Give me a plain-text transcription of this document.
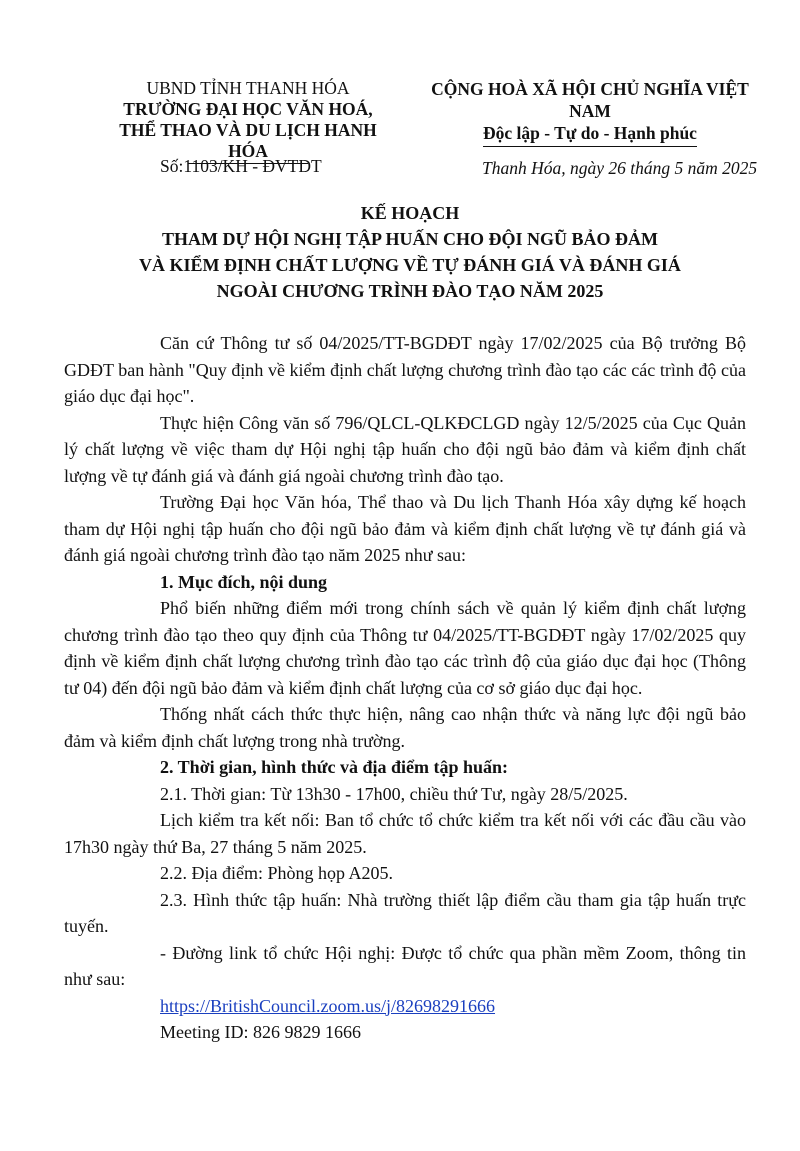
UBND TỈNH THANH HÓA
TRƯỜNG ĐẠI HỌC VĂN HOÁ,
THỂ THAO VÀ DU LỊCH HANH HÓA
CỘNG HOÀ XÃ HỘI CHỦ NGHĨA VIỆT NAM
Độc lập - Tự do - Hạnh phúc
Số:1103/KH - ĐVTDT	Thanh Hóa, ngày 26 tháng 5 năm 2025
KẾ HOẠCH
THAM DỰ HỘI NGHỊ TẬP HUẤN CHO ĐỘI NGŨ BẢO ĐẢM
VÀ KIỂM ĐỊNH CHẤT LƯỢNG VỀ TỰ ĐÁNH GIÁ VÀ ĐÁNH GIÁ
NGOÀI CHƯƠNG TRÌNH ĐÀO TẠO NĂM 2025

Căn cứ Thông tư số 04/2025/TT-BGDĐT ngày 17/02/2025 của Bộ trưởng Bộ GDĐT ban hành "Quy định về kiểm định chất lượng chương trình đào tạo các các trình độ của giáo dục đại học".

Thực hiện Công văn số 796/QLCL-QLKĐCLGD ngày 12/5/2025 của Cục Quản lý chất lượng về việc tham dự Hội nghị tập huấn cho đội ngũ bảo đảm và kiểm định chất lượng về tự đánh giá và đánh giá ngoài chương trình đào tạo.

Trường Đại học Văn hóa, Thể thao và Du lịch Thanh Hóa xây dựng kế hoạch tham dự Hội nghị tập huấn cho đội ngũ bảo đảm và kiểm định chất lượng về tự đánh giá và đánh giá ngoài chương trình đào tạo năm 2025 như sau:

1. Mục đích, nội dung

Phổ biến những điểm mới trong chính sách về quản lý kiểm định chất lượng chương trình đào tạo theo quy định của Thông tư 04/2025/TT-BGDĐT ngày 17/02/2025 quy định về kiểm định chất lượng chương trình đào tạo các trình độ của giáo dục đại học (Thông tư 04) đến đội ngũ bảo đảm và kiểm định chất lượng của cơ sở giáo dục đại học.

Thống nhất cách thức thực hiện, nâng cao nhận thức và năng lực đội ngũ bảo đảm và kiểm định chất lượng trong nhà trường.

2. Thời gian, hình thức và địa điểm tập huấn:

2.1. Thời gian: Từ 13h30 - 17h00, chiều thứ Tư, ngày 28/5/2025.

Lịch kiểm tra kết nối: Ban tổ chức tổ chức kiểm tra kết nối với các đầu cầu vào 17h30 ngày thứ Ba, 27 tháng 5 năm 2025.

2.2. Địa điểm: Phòng họp A205.

2.3. Hình thức tập huấn: Nhà trường thiết lập điểm cầu tham gia tập huấn trực tuyến.

- Đường link tổ chức Hội nghị: Được tổ chức qua phần mềm Zoom, thông tin như sau:

https://BritishCouncil.zoom.us/j/82698291666

Meeting ID: 826 9829 1666
